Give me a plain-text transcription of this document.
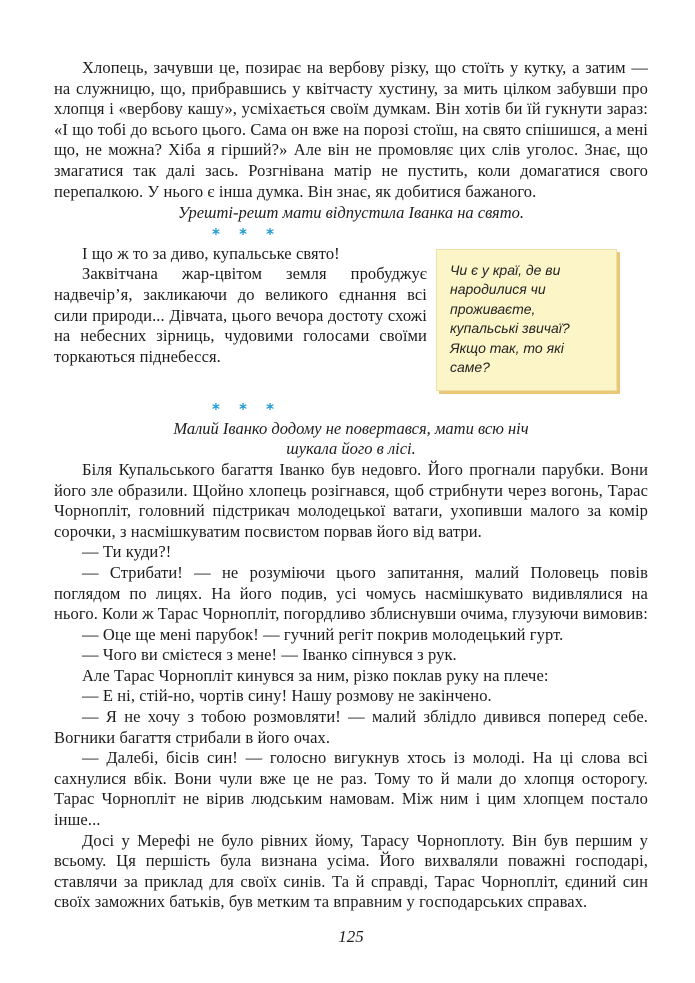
Хлопець, зачувши це, позирає на вербову різку, що стоїть у кутку, а затим — на служницю, що, прибравшись у квітчасту хустину, за мить цілком забувши про хлопця і «вербову кашу», усміхається своїм думкам. Він хотів би їй гукнути зараз: «І що тобі до всього цього. Сама он вже на порозі стоїш, на свято спішишся, а мені що, не можна? Хіба я гірший?» Але він не промовляє цих слів уголос. Знає, що змагатися так далі зась. Розгнівана матір не пустить, коли домагатися свого перепалкою. У нього є інша думка. Він знає, як добитися бажаного.

Урешті-решт мати відпустила Іванка на свято.

* * *
Чи є у краї, де ви народилися чи проживаєте, купальські звичаї? Якщо так, то які саме?

І що ж то за диво, купальське свято!

Заквітчана жар-цвітом земля пробуджує надвечір’я, закликаючи до великого єднання всі сили природи... Дівчата, цього вечора достоту схожі на небесних зірниць, чудовими голосами своїми торкаються піднебесся.

* * *
Малий Іванко додому не повертався, мати всю ніч
шукала його в лісі.

Біля Купальського багаття Іванко був недовго. Його прогнали парубки. Вони його зле образили. Щойно хлопець розігнався, щоб стрибнути через вогонь, Тарас Чорнопліт, головний підстрикач молодецької ватаги, ухопивши малого за комір сорочки, з насмішкуватим посвистом порвав його від ватри.

— Ти куди?!

— Стрибати! — не розуміючи цього запитання, малий Половець повів поглядом по лицях. На його подив, усі чомусь насмішкувато видивлялися на нього. Коли ж Тарас Чорнопліт, погордливо зблиснувши очима, глузуючи вимовив:

— Оце ще мені парубок! — гучний регіт покрив молодецький гурт.

— Чого ви смієтеся з мене! — Іванко сіпнувся з рук.

Але Тарас Чорнопліт кинувся за ним, різко поклав руку на плече:

— Е ні, стій-но, чортів сину! Нашу розмову не закінчено.

— Я не хочу з тобою розмовляти! — малий зблідло дивився поперед себе. Вогники багаття стрибали в його очах.

— Далебі, бісів син! — голосно вигукнув хтось із молоді. На ці слова всі сахнулися вбік. Вони чули вже це не раз. Тому то й мали до хлопця осторогу. Тарас Чорнопліт не вірив людським намовам. Між ним і цим хлопцем постало інше...

Досі у Мерефі не було рівних йому, Тарасу Чорноплоту. Він був першим у всьому. Ця першість була визнана усіма. Його вихваляли поважні господарі, ставлячи за приклад для своїх синів. Та й справді, Тарас Чорнопліт, єдиний син своїх заможних батьків, був метким та вправним у господарських справах.

125
